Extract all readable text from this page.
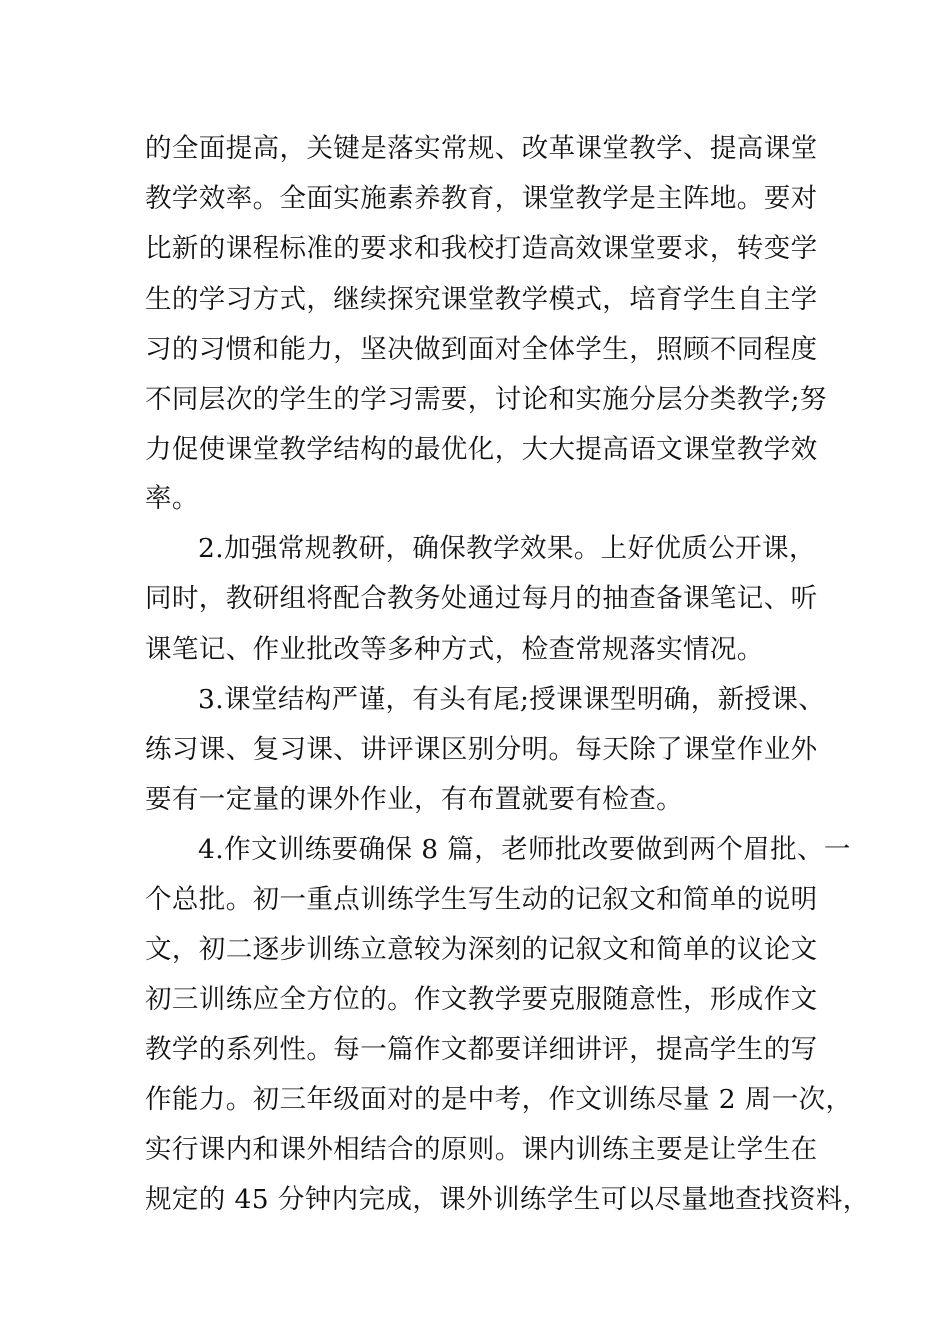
的全面提高，关键是落实常规、改革课堂教学、提高课堂
教学效率。全面实施素养教育，课堂教学是主阵地。要对
比新的课程标准的要求和我校打造高效课堂要求，转变学
生的学习方式，继续探究课堂教学模式，培育学生自主学
习的习惯和能力，坚决做到面对全体学生，照顾不同程度
不同层次的学生的学习需要，讨论和实施分层分类教学;努
力促使课堂教学结构的最优化，大大提高语文课堂教学效
率。
2.加强常规教研，确保教学效果。上好优质公开课，
同时，教研组将配合教务处通过每月的抽查备课笔记、听
课笔记、作业批改等多种方式，检查常规落实情况。
3.课堂结构严谨，有头有尾;授课课型明确，新授课、
练习课、复习课、讲评课区别分明。每天除了课堂作业外
要有一定量的课外作业，有布置就要有检查。
4.作文训练要确保 8 篇，老师批改要做到两个眉批、一
个总批。初一重点训练学生写生动的记叙文和简单的说明
文，初二逐步训练立意较为深刻的记叙文和简单的议论文
初三训练应全方位的。作文教学要克服随意性，形成作文
教学的系列性。每一篇作文都要详细讲评，提高学生的写
作能力。初三年级面对的是中考，作文训练尽量 2 周一次，
实行课内和课外相结合的原则。课内训练主要是让学生在
规定的 45 分钟内完成，课外训练学生可以尽量地查找资料，
